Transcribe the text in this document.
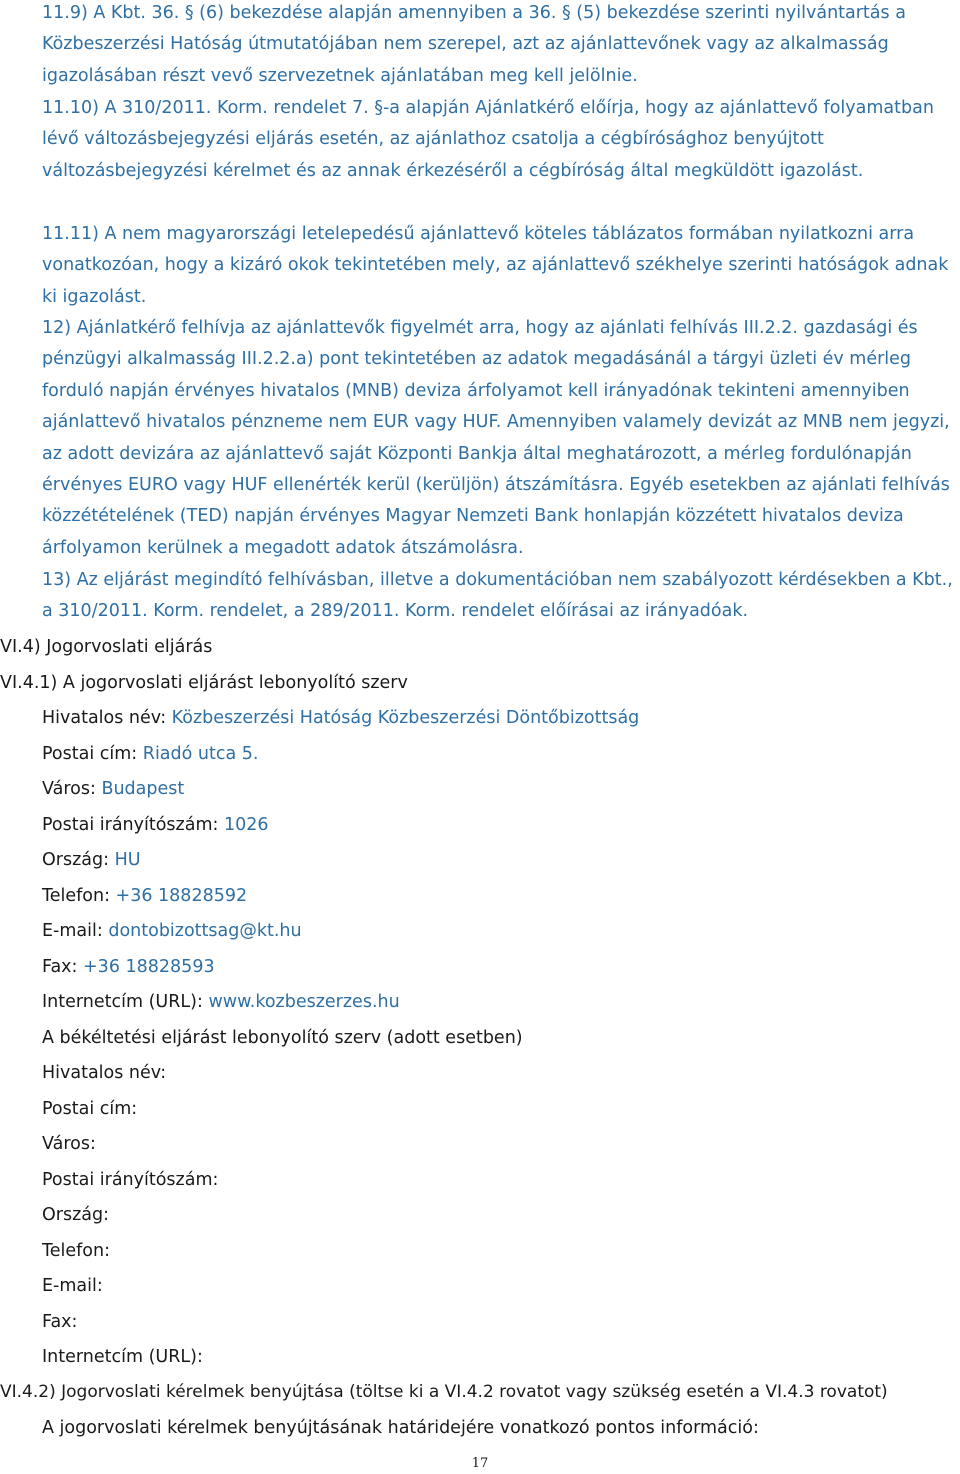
11.9) A Kbt. 36. § (6) bekezdése alapján amennyiben a 36. § (5) bekezdése szerinti nyilvántartás a Közbeszerzési Hatóság útmutatójában nem szerepel, azt az ajánlattevőnek vagy az alkalmasság igazolásában részt vevő szervezetnek ajánlatában meg kell jelölnie.

11.10) A 310/2011. Korm. rendelet 7. §-a alapján Ajánlatkérő előírja, hogy az ajánlattevő folyamatban lévő változásbejegyzési eljárás esetén, az ajánlathoz csatolja a cégbírósághoz benyújtott változásbejegyzési kérelmet és az annak érkezéséről a cégbíróság által megküldött igazolást.

11.11) A nem magyarországi letelepedésű ajánlattevő köteles táblázatos formában nyilatkozni arra vonatkozóan, hogy a kizáró okok tekintetében mely, az ajánlattevő székhelye szerinti hatóságok adnak ki igazolást.

12) Ajánlatkérő felhívja az ajánlattevők figyelmét arra, hogy az ajánlati felhívás III.2.2. gazdasági és pénzügyi alkalmasság III.2.2.a) pont tekintetében az adatok megadásánál a tárgyi üzleti év mérleg forduló napján érvényes hivatalos (MNB) deviza árfolyamot kell irányadónak tekinteni amennyiben ajánlattevő hivatalos pénzneme nem EUR vagy HUF. Amennyiben valamely devizát az MNB nem jegyzi, az adott devizára az ajánlattevő saját Központi Bankja által meghatározott, a mérleg fordulónapján érvényes EURO vagy HUF ellenérték kerül (kerüljön) átszámításra. Egyéb esetekben az ajánlati felhívás közzétételének (TED) napján érvényes Magyar Nemzeti Bank honlapján közzétett hivatalos deviza árfolyamon kerülnek a megadott adatok átszámolásra.

13) Az eljárást megindító felhívásban, illetve a dokumentációban nem szabályozott kérdésekben a Kbt., a 310/2011. Korm. rendelet, a 289/2011. Korm. rendelet előírásai az irányadóak.

VI.4) Jogorvoslati eljárás
VI.4.1) A jogorvoslati eljárást lebonyolító szerv
Hivatalos név: Közbeszerzési Hatóság Közbeszerzési Döntőbizottság
Postai cím: Riadó utca 5.
Város: Budapest
Postai irányítószám: 1026
Ország: HU
Telefon: +36 18828592
E-mail: dontobizottsag@kt.hu
Fax: +36 18828593
Internetcím (URL): www.kozbeszerzes.hu
A békéltetési eljárást lebonyolító szerv (adott esetben)
Hivatalos név:
Postai cím:
Város:
Postai irányítószám:
Ország:
Telefon:
E-mail:
Fax:
Internetcím (URL):
VI.4.2) Jogorvoslati kérelmek benyújtása (töltse ki a VI.4.2 rovatot vagy szükség esetén a VI.4.3 rovatot)
A jogorvoslati kérelmek benyújtásának határidejére vonatkozó pontos információ:
17
